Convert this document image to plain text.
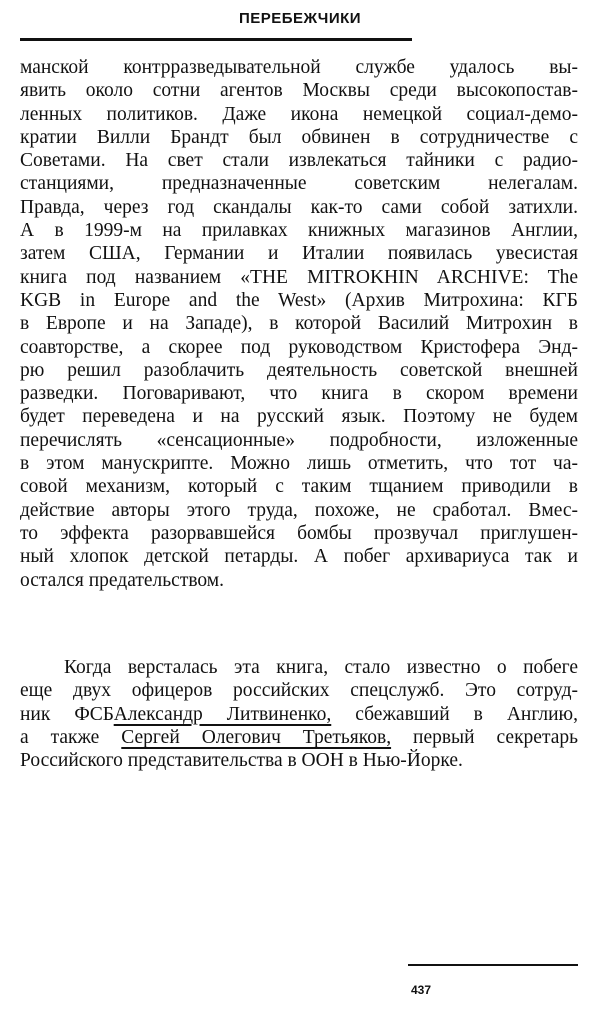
ПЕРЕБЕЖЧИКИ
манской контрразведывательной службе удалось вы-
явить около сотни агентов Москвы среди высокопостав-
ленных политиков. Даже икона немецкой социал-демо-
кратии Вилли Брандт был обвинен в сотрудничестве с
Советами. На свет стали извлекаться тайники с радио-
станциями, предназначенные советским нелегалам.
Правда, через год скандалы как-то сами собой затихли.
А в 1999-м на прилавках книжных магазинов Англии,
затем США, Германии и Италии появилась увесистая
книга под названием «THE MITROKHIN ARCHIVE: The
KGB in Europe and the West» (Архив Митрохина: КГБ
в Европе и на Западе), в которой Василий Митрохин в
соавторстве, а скорее под руководством Кристофера Энд-
рю решил разоблачить деятельность советской внешней
разведки. Поговаривают, что книга в скором времени
будет переведена и на русский язык. Поэтому не будем
перечислять «сенсационные» подробности, изложенные
в этом манускрипте. Можно лишь отметить, что тот ча-
совой механизм, который с таким тщанием приводили в
действие авторы этого труда, похоже, не сработал. Вмес-
то эффекта разорвавшейся бомбы прозвучал приглушен-
ный хлопок детской петарды. А побег архивариуса так и
остался предательством.
Когда версталась эта книга, стало известно о побеге
еще двух офицеров российских спецслужб. Это сотруд-
ник ФСБАлександр Литвиненко, сбежавший в Англию,
а также Сергей Олегович Третьяков, первый секретарь
Российского представительства в ООН в Нью-Йорке.
437
